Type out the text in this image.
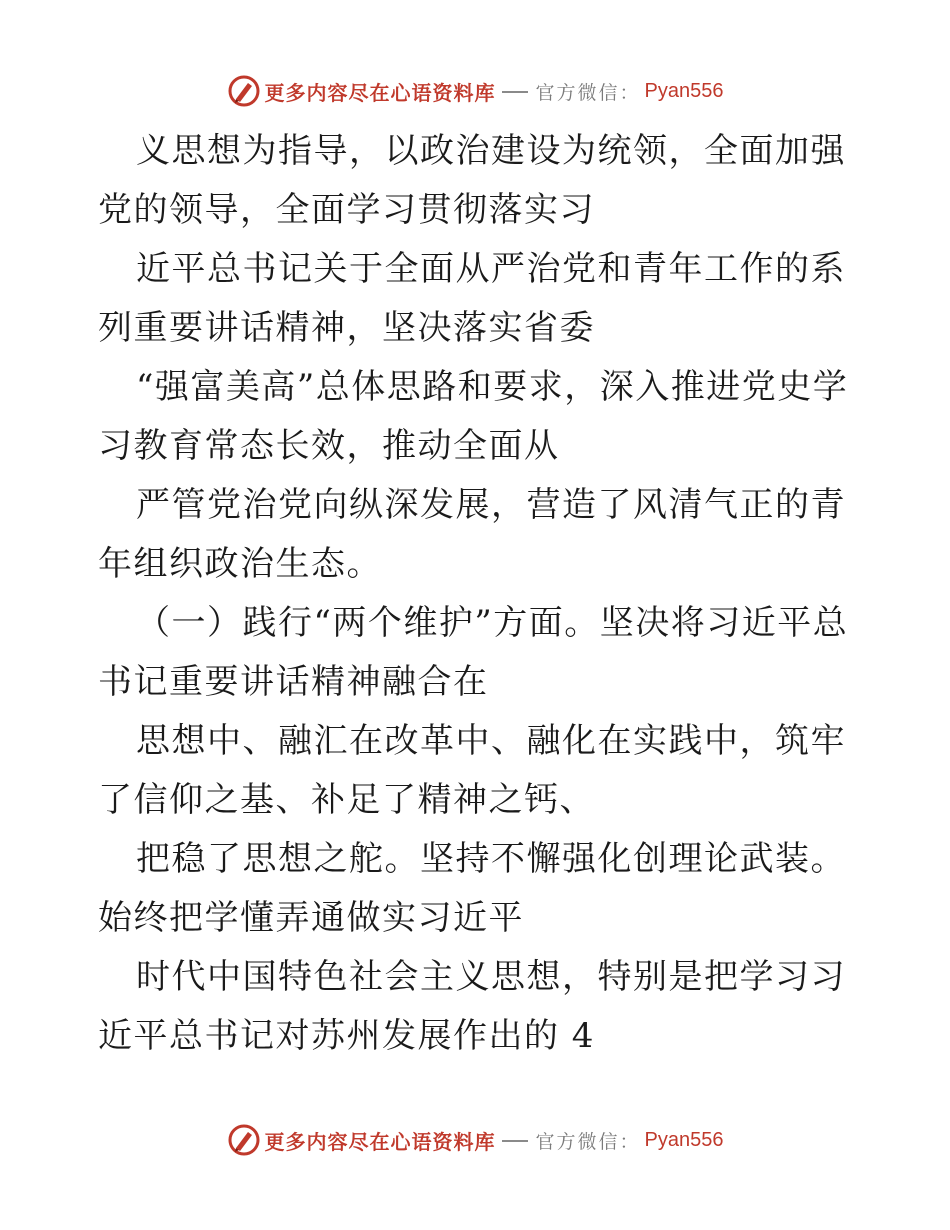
更多内容尽在心语资料库 官方微信： Pyan556

义思想为指导，以政治建设为统领，全面加强党的领导，全面学习贯彻落实习

近平总书记关于全面从严治党和青年工作的系列重要讲话精神，坚决落实省委

“强富美高”总体思路和要求，深入推进党史学习教育常态长效，推动全面从

严管党治党向纵深发展，营造了风清气正的青年组织政治生态。

（一）践行“两个维护”方面。坚决将习近平总书记重要讲话精神融合在

思想中、融汇在改革中、融化在实践中，筑牢了信仰之基、补足了精神之钙、

把稳了思想之舵。坚持不懈强化创理论武装。始终把学懂弄通做实习近平

时代中国特色社会主义思想，特别是把学习习近平总书记对苏州发展作出的 4

更多内容尽在心语资料库 官方微信： Pyan556
